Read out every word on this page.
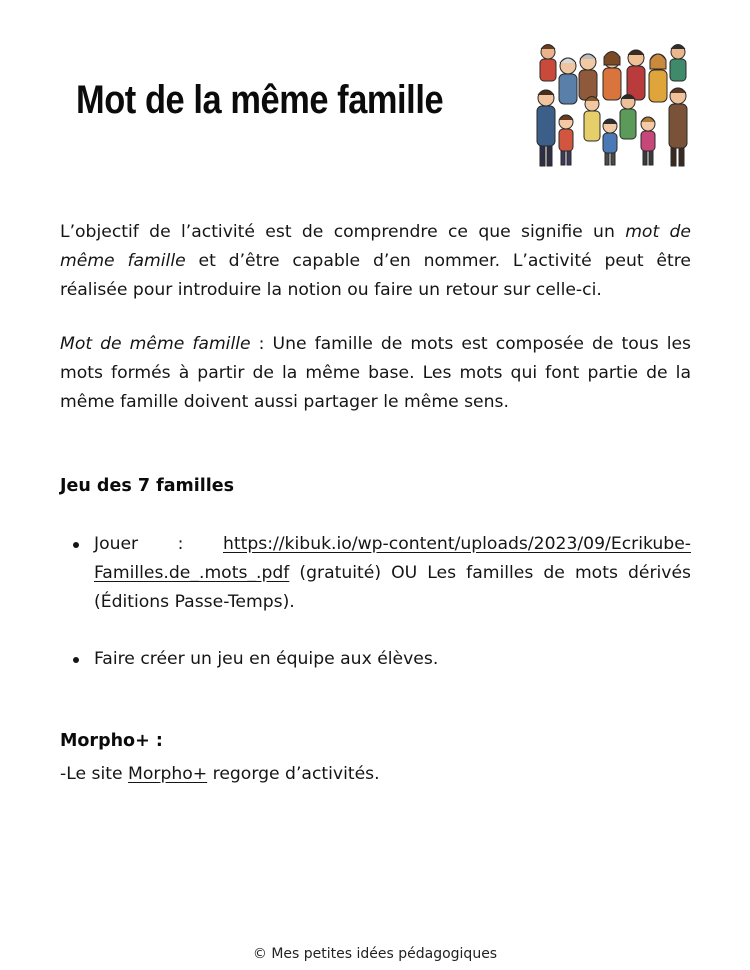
Mot de la même famille

L’objectif de l’activité est de comprendre ce que signifie un mot de même famille et d’être capable d’en nommer. L’activité peut être réalisée pour introduire la notion ou faire un retour sur celle-ci.

Mot de même famille : Une famille de mots est composée de tous les mots formés à partir de la même base. Les mots qui font partie de la même famille doivent aussi partager le même sens.

Jeu des 7 familles
Jouer : https://kibuk.io/wp-content/uploads/2023/09/Ecrikube-Familles.de_.mots_.pdf (gratuité) OU Les familles de mots dérivés (Éditions Passe-Temps).
Faire créer un jeu en équipe aux élèves.
Morpho+ :

-Le site Morpho+ regorge d’activités.

© Mes petites idées pédagogiques
